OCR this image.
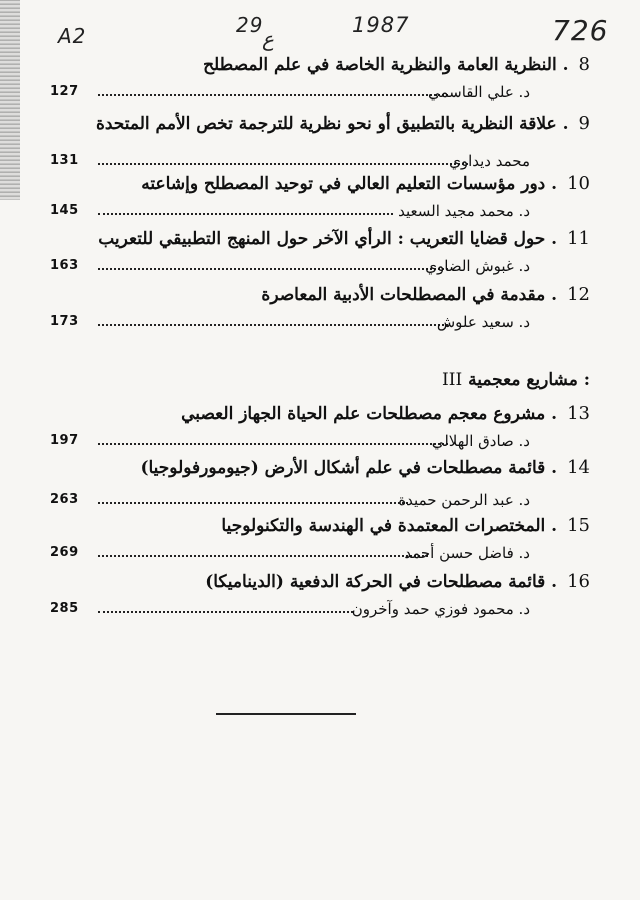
A2	29
ع
1987	726
8
. النظرية العامة والنظرية الخاصة في علم المصطلح
127	د. علي القاسمي
9
. علاقة النظرية بالتطبيق أو نحو نظرية للترجمة تخص الأمم المتحدة
131	محمد ديداوي
10
. دور مؤسسات التعليم العالي في توحيد المصطلح وإشاعته
145	د. محمد مجيد السعيد
11
. حول قضايا التعريب : الرأي الآخر حول المنهج التطبيقي للتعريب
163	د. غبوش الضاوي
12
. مقدمة في المصطلحات الأدبية المعاصرة
173	د. سعيد علوش
: مشاريع معجمية III
13
. مشروع معجم مصطلحات علم الحياة الجهاز العصبي
197	د. صادق الهلالي
14
. قائمة مصطلحات في علم أشكال الأرض (جيومورفولوجيا)
263	د. عبد الرحمن حميدة
15
. المختصرات المعتمدة في الهندسة والتكنولوجيا
269	د. فاضل حسن أحمد
16
. قائمة مصطلحات في الحركة الدفعية (الديناميكا)
285	د. محمود فوزي حمد وآخرون
